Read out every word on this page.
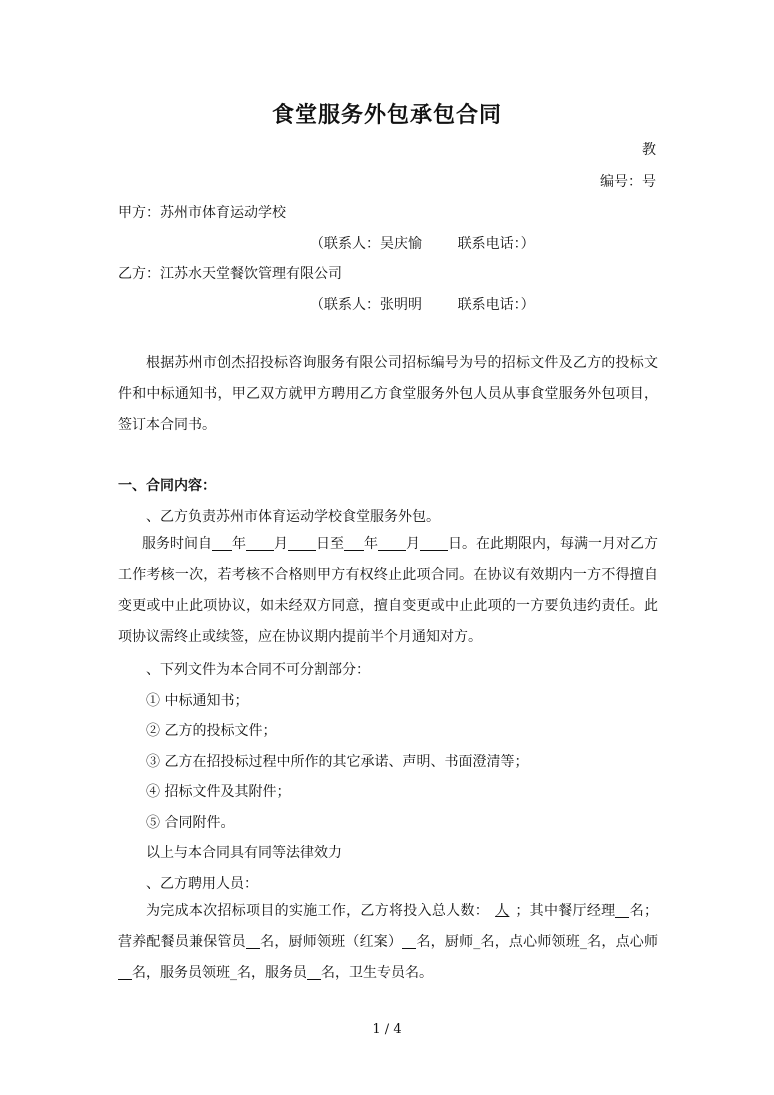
食堂服务外包承包合同
教
编号：号
甲方：苏州市体育运动学校
（联系人：吴庆愉        联系电话：）
乙方：江苏水天堂餐饮管理有限公司
（联系人：张明明        联系电话：）
根据苏州市创杰招投标咨询服务有限公司招标编号为号的招标文件及乙方的投标文件和中标通知书，甲乙双方就甲方聘用乙方食堂服务外包人员从事食堂服务外包项目，签订本合同书。
一、合同内容：
、乙方负责苏州市体育运动学校食堂服务外包。
服务时间自 年 月 日至 年 月 日。在此期限内，每满一月对乙方工作考核一次，若考核不合格则甲方有权终止此项合同。在协议有效期内一方不得擅自变更或中止此项协议，如未经双方同意，擅自变更或中止此项的一方要负违约责任。此项协议需终止或续签，应在协议期内提前半个月通知对方。
、下列文件为本合同不可分割部分：
① 中标通知书；
② 乙方的投标文件；
③ 乙方在招投标过程中所作的其它承诺、声明、书面澄清等；
④ 招标文件及其附件；
⑤ 合同附件。
以上与本合同具有同等法律效力
、乙方聘用人员：
为完成本次招标项目的实施工作，乙方将投入总人数： 人 ；其中餐厅经理 名；营养配餐员兼保管员 名，厨师领班（红案） 名，厨师_名，点心师领班_名，点心师名，服务员领班_名，服务员 名，卫生专员名。
1 / 4
